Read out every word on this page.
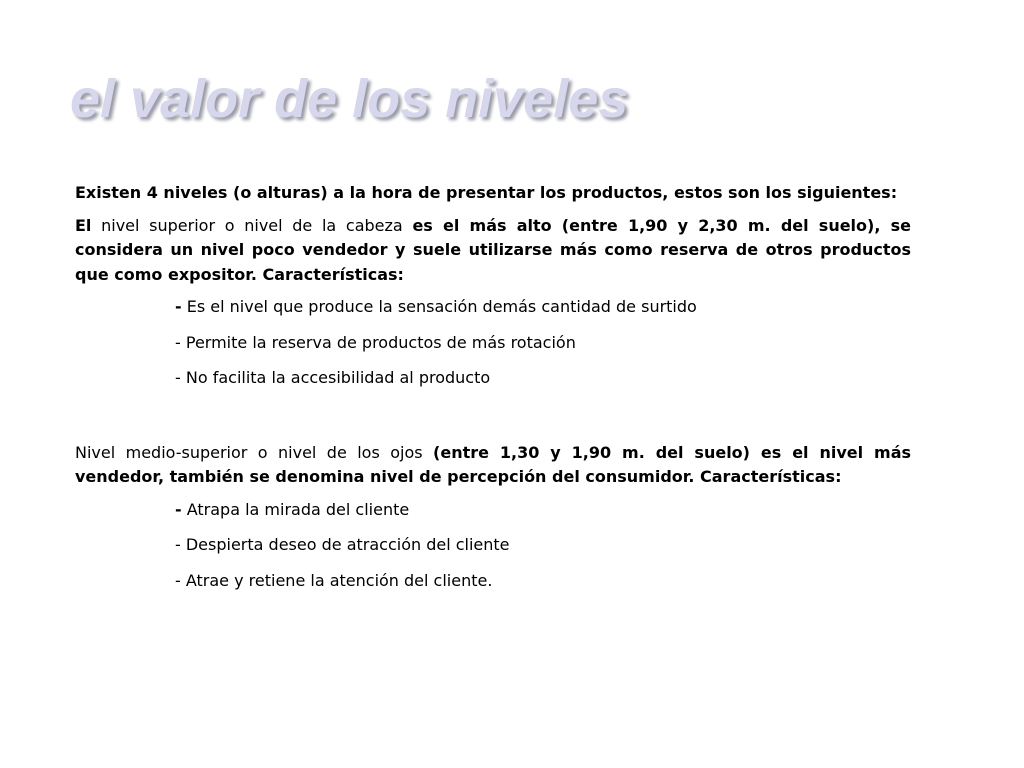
el valor de los niveles

Existen 4 niveles (o alturas) a la hora de presentar los productos, estos son los siguientes:

El nivel superior o nivel de la cabeza es el más alto (entre 1,90 y 2,30 m. del suelo), se considera un nivel poco vendedor y suele utilizarse más como reserva de otros productos que como expositor. Características:

- Es el nivel que produce la sensación demás cantidad de surtido
- Permite la reserva de productos de más rotación
- No facilita la accesibilidad al producto

Nivel medio-superior o nivel de los ojos (entre 1,30 y 1,90 m. del suelo) es el nivel más vendedor, también se denomina nivel de percepción del consumidor. Características:

- Atrapa la mirada del cliente
- Despierta deseo de atracción del cliente
- Atrae y retiene la atención del cliente.
